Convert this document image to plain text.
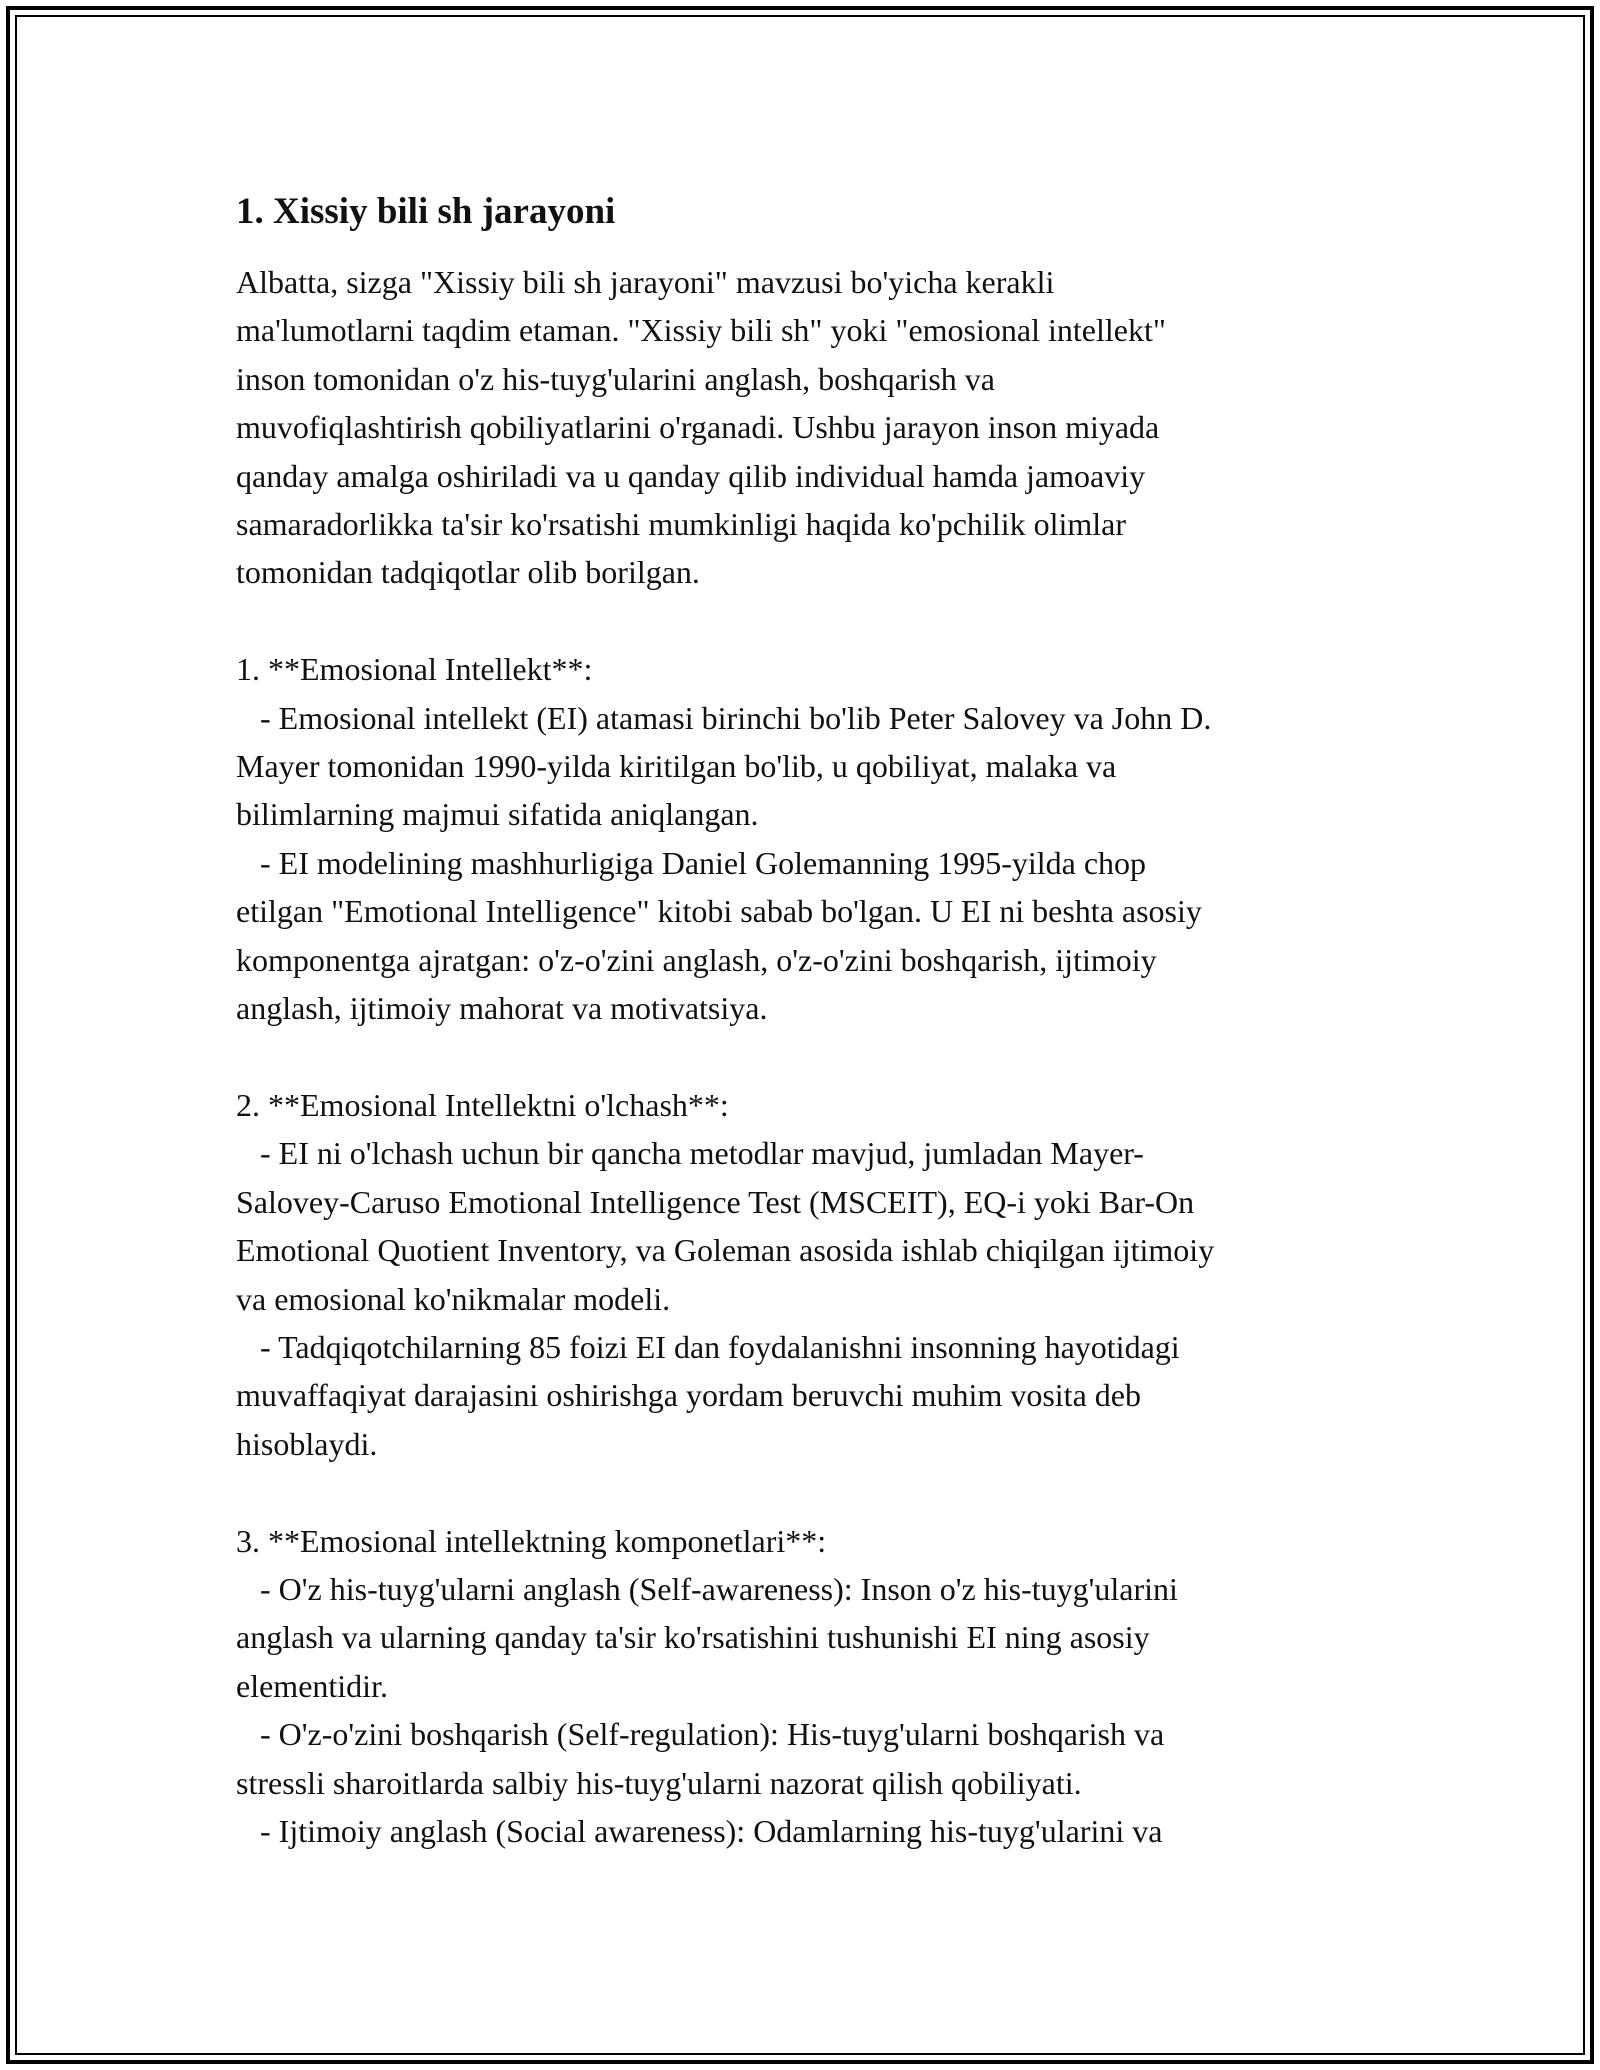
1. Xissiy bili sh jarayoni

Albatta, sizga "Xissiy bili sh jarayoni" mavzusi bo'yicha kerakli
ma'lumotlarni taqdim etaman. "Xissiy bili sh" yoki "emosional intellekt"
inson tomonidan o'z his-tuyg'ularini anglash, boshqarish va
muvofiqlashtirish qobiliyatlarini o'rganadi. Ushbu jarayon inson miyada
qanday amalga oshiriladi va u qanday qilib individual hamda jamoaviy
samaradorlikka ta'sir ko'rsatishi mumkinligi haqida ko'pchilik olimlar
tomonidan tadqiqotlar olib borilgan.

1. **Emosional Intellekt**:

- Emosional intellekt (EI) atamasi birinchi bo'lib Peter Salovey va John D.
Mayer tomonidan 1990-yilda kiritilgan bo'lib, u qobiliyat, malaka va
bilimlarning majmui sifatida aniqlangan.

- EI modelining mashhurligiga Daniel Golemanning 1995-yilda chop
etilgan "Emotional Intelligence" kitobi sabab bo'lgan. U EI ni beshta asosiy
komponentga ajratgan: o'z-o'zini anglash, o'z-o'zini boshqarish, ijtimoiy
anglash, ijtimoiy mahorat va motivatsiya.

2. **Emosional Intellektni o'lchash**:

- EI ni o'lchash uchun bir qancha metodlar mavjud, jumladan Mayer-
Salovey-Caruso Emotional Intelligence Test (MSCEIT), EQ-i yoki Bar-On
Emotional Quotient Inventory, va Goleman asosida ishlab chiqilgan ijtimoiy
va emosional ko'nikmalar modeli.

- Tadqiqotchilarning 85 foizi EI dan foydalanishni insonning hayotidagi
muvaffaqiyat darajasini oshirishga yordam beruvchi muhim vosita deb
hisoblaydi.

3. **Emosional intellektning komponetlari**:

- O'z his-tuyg'ularni anglash (Self-awareness): Inson o'z his-tuyg'ularini
anglash va ularning qanday ta'sir ko'rsatishini tushunishi EI ning asosiy
elementidir.

- O'z-o'zini boshqarish (Self-regulation): His-tuyg'ularni boshqarish va
stressli sharoitlarda salbiy his-tuyg'ularni nazorat qilish qobiliyati.

- Ijtimoiy anglash (Social awareness): Odamlarning his-tuyg'ularini va
